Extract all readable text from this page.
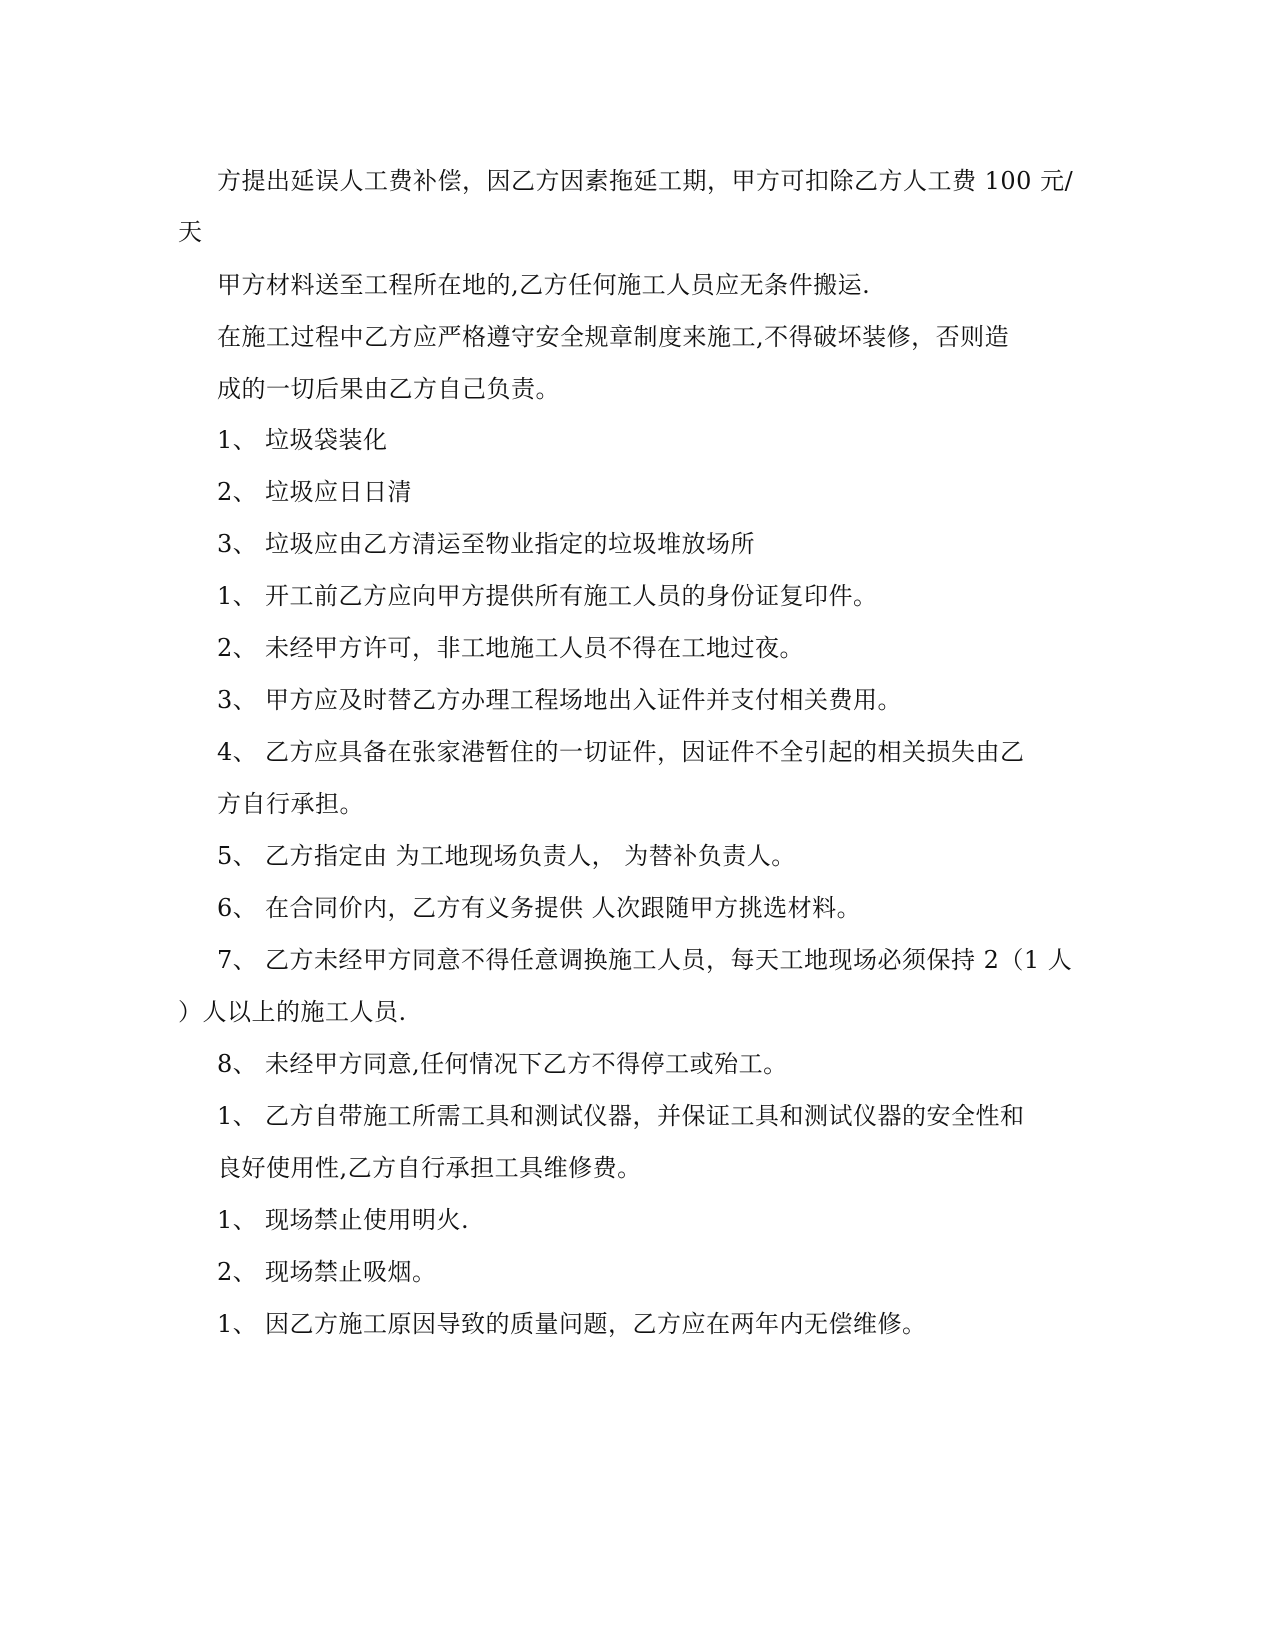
方提出延误人工费补偿，因乙方因素拖延工期，甲方可扣除乙方人工费 100 元/
天
甲方材料送至工程所在地的,乙方任何施工人员应无条件搬运.
在施工过程中乙方应严格遵守安全规章制度来施工,不得破坏装修，否则造
成的一切后果由乙方自己负责。
1、 垃圾袋装化
2、 垃圾应日日清
3、 垃圾应由乙方清运至物业指定的垃圾堆放场所
1、 开工前乙方应向甲方提供所有施工人员的身份证复印件。
2、 未经甲方许可，非工地施工人员不得在工地过夜。
3、 甲方应及时替乙方办理工程场地出入证件并支付相关费用。
4、 乙方应具备在张家港暂住的一切证件，因证件不全引起的相关损失由乙
方自行承担。
5、 乙方指定由 为工地现场负责人， 为替补负责人。
6、 在合同价内，乙方有义务提供 人次跟随甲方挑选材料。
7、 乙方未经甲方同意不得任意调换施工人员，每天工地现场必须保持 2（1 人
）人以上的施工人员.
8、 未经甲方同意,任何情况下乙方不得停工或殆工。
1、 乙方自带施工所需工具和测试仪器，并保证工具和测试仪器的安全性和
良好使用性,乙方自行承担工具维修费。
1、 现场禁止使用明火.
2、 现场禁止吸烟。
1、 因乙方施工原因导致的质量问题，乙方应在两年内无偿维修。
